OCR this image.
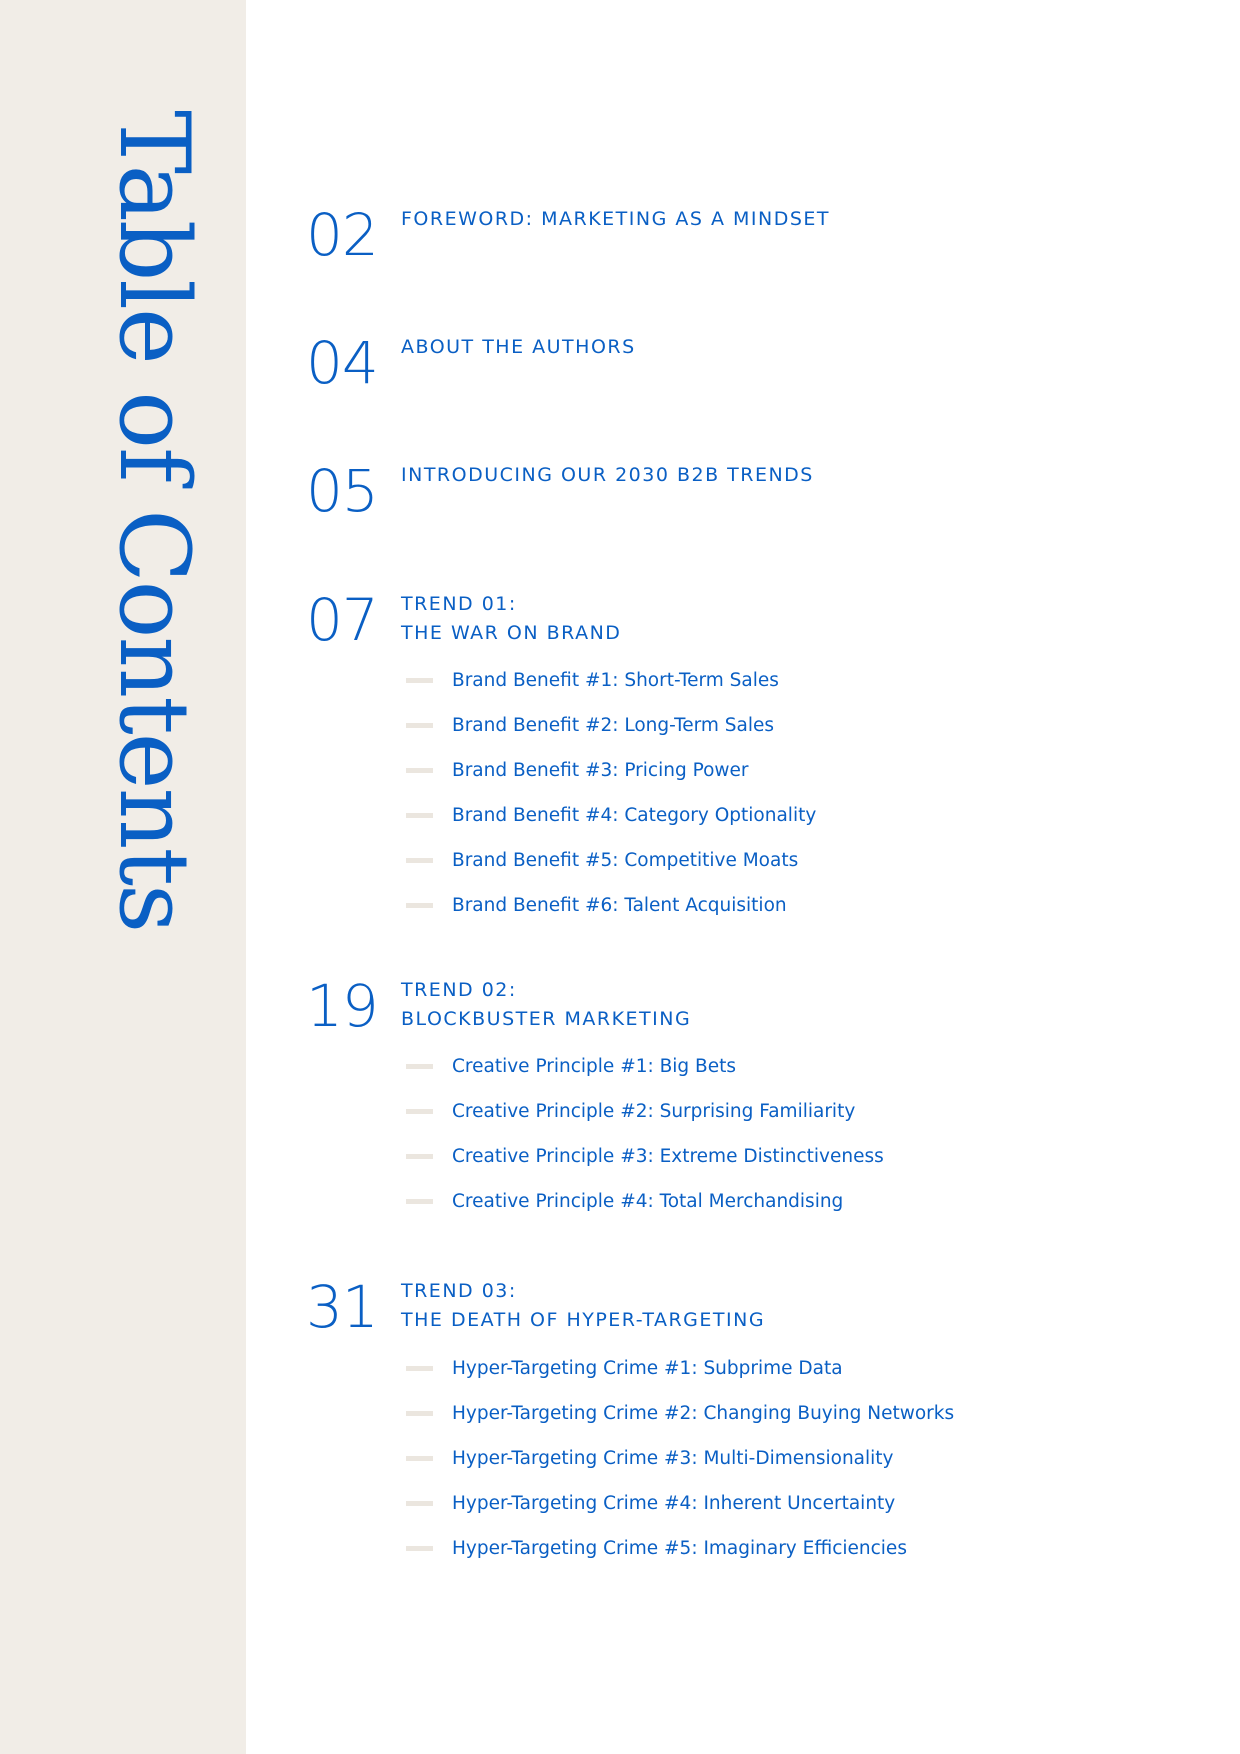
Table of Contents 02 FOREWORD: MARKETING AS A MINDSET
04 ABOUT THE AUTHORS
05 INTRODUCING OUR 2030 B2B TRENDS
07 TREND 01:
THE WAR ON BRAND
Brand Benefit #1: Short-Term Sales
Brand Benefit #2: Long-Term Sales
Brand Benefit #3: Pricing Power
Brand Benefit #4: Category Optionality
Brand Benefit #5: Competitive Moats
Brand Benefit #6: Talent Acquisition
19 TREND 02:
BLOCKBUSTER MARKETING
Creative Principle #1: Big Bets
Creative Principle #2: Surprising Familiarity
Creative Principle #3: Extreme Distinctiveness
Creative Principle #4: Total Merchandising
31 TREND 03:
THE DEATH OF HYPER-TARGETING
Hyper-Targeting Crime #1: Subprime Data
Hyper-Targeting Crime #2: Changing Buying Networks
Hyper-Targeting Crime #3: Multi-Dimensionality
Hyper-Targeting Crime #4: Inherent Uncertainty
Hyper-Targeting Crime #5: Imaginary Efficiencies
